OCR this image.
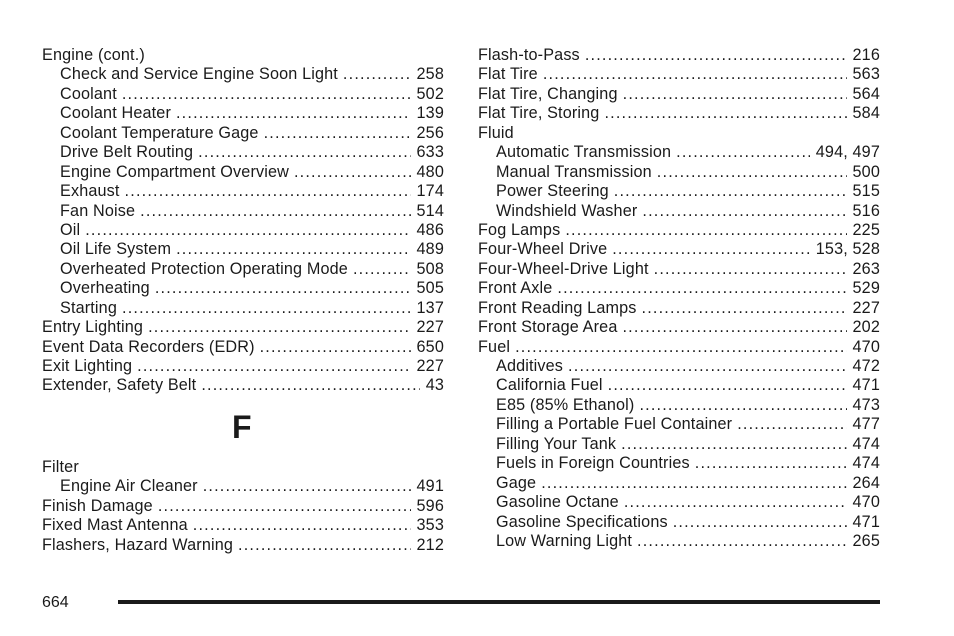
Engine (cont.)
Check and Service Engine Soon Light .....	258
Coolant .....	502
Coolant Heater .....	139
Coolant Temperature Gage .....	256
Drive Belt Routing .....	633
Engine Compartment Overview .....	480
Exhaust .....	174
Fan Noise .....	514
Oil .....	486
Oil Life System .....	489
Overheated Protection Operating Mode .....	508
Overheating .....	505
Starting .....	137
Entry Lighting .....	227
Event Data Recorders (EDR) .....	650
Exit Lighting .....	227
Extender, Safety Belt .....	43
F
Filter
Engine Air Cleaner .....	491
Finish Damage .....	596
Fixed Mast Antenna .....	353
Flashers, Hazard Warning .....	212
Flash-to-Pass .....	216
Flat Tire .....	563
Flat Tire, Changing .....	564
Flat Tire, Storing .....	584
Fluid
Automatic Transmission .....	494, 497
Manual Transmission .....	500
Power Steering .....	515
Windshield Washer .....	516
Fog Lamps .....	225
Four-Wheel Drive .....	153, 528
Four-Wheel-Drive Light .....	263
Front Axle .....	529
Front Reading Lamps .....	227
Front Storage Area .....	202
Fuel .....	470
Additives .....	472
California Fuel .....	471
E85 (85% Ethanol) .....	473
Filling a Portable Fuel Container .....	477
Filling Your Tank .....	474
Fuels in Foreign Countries .....	474
Gage .....	264
Gasoline Octane .....	470
Gasoline Specifications .....	471
Low Warning Light .....	265
664
